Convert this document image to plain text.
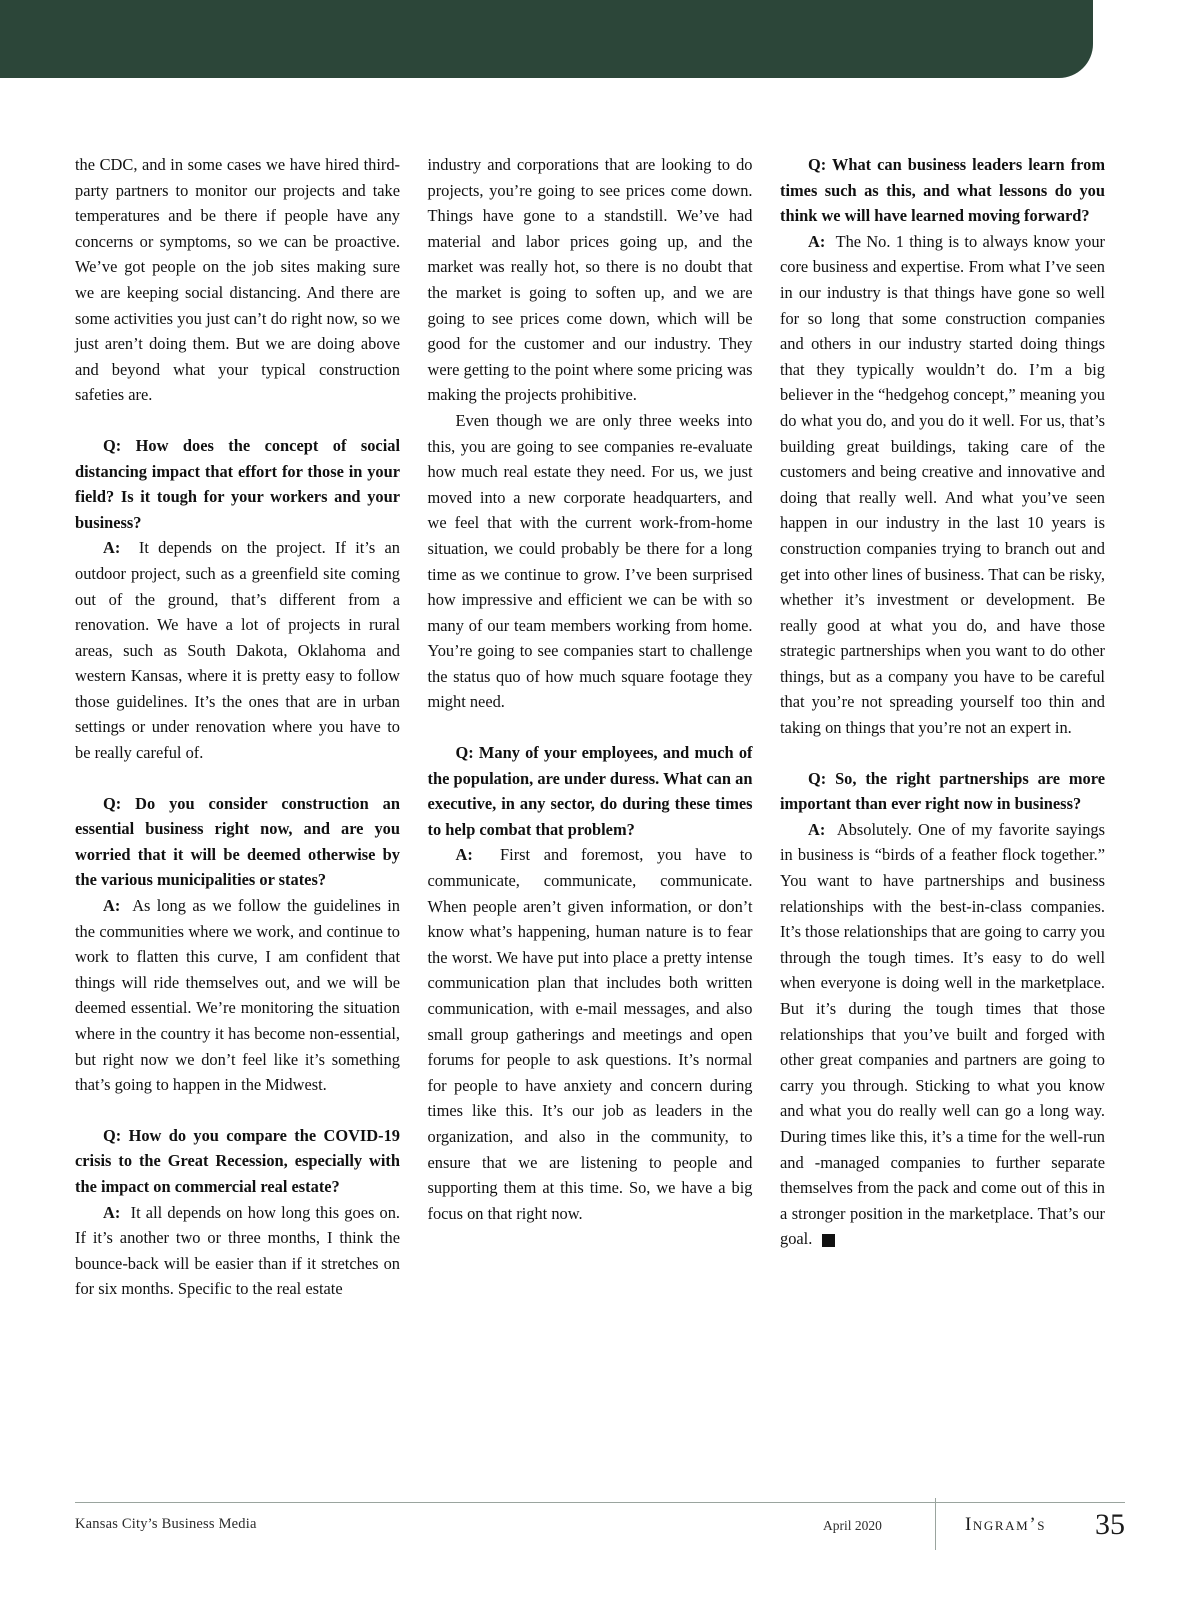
the CDC, and in some cases we have hired third-party partners to monitor our projects and take temperatures and be there if people have any concerns or symptoms, so we can be proactive. We’ve got people on the job sites making sure we are keeping social distancing. And there are some activities you just can’t do right now, so we just aren’t doing them. But we are doing above and beyond what your typical construction safeties are.

Q: How does the concept of social distancing impact that effort for those in your field? Is it tough for your workers and your business?

A: It depends on the project. If it’s an outdoor project, such as a greenfield site coming out of the ground, that’s different from a renovation. We have a lot of projects in rural areas, such as South Dakota, Oklahoma and western Kansas, where it is pretty easy to follow those guidelines. It’s the ones that are in urban settings or under renovation where you have to be really careful of.

Q: Do you consider construction an essential business right now, and are you worried that it will be deemed otherwise by the various municipalities or states?

A: As long as we follow the guidelines in the communities where we work, and continue to work to flatten this curve, I am confident that things will ride themselves out, and we will be deemed essential. We’re monitoring the situation where in the country it has become non-essential, but right now we don’t feel like it’s something that’s going to happen in the Midwest.

Q: How do you compare the COVID-19 crisis to the Great Recession, especially with the impact on commercial real estate?

A: It all depends on how long this goes on. If it’s another two or three months, I think the bounce-back will be easier than if it stretches on for six months. Specific to the real estate

industry and corporations that are looking to do projects, you’re going to see prices come down. Things have gone to a standstill. We’ve had material and labor prices going up, and the market was really hot, so there is no doubt that the market is going to soften up, and we are going to see prices come down, which will be good for the customer and our industry. They were getting to the point where some pricing was making the projects prohibitive.

Even though we are only three weeks into this, you are going to see companies re-evaluate how much real estate they need. For us, we just moved into a new corporate headquarters, and we feel that with the current work-from-home situation, we could probably be there for a long time as we continue to grow. I’ve been surprised how impressive and efficient we can be with so many of our team members working from home. You’re going to see companies start to challenge the status quo of how much square footage they might need.

Q: Many of your employees, and much of the population, are under duress. What can an executive, in any sector, do during these times to help combat that problem?

A: First and foremost, you have to communicate, communicate, communicate. When people aren’t given information, or don’t know what’s happening, human nature is to fear the worst. We have put into place a pretty intense communication plan that includes both written communication, with e-mail messages, and also small group gatherings and meetings and open forums for people to ask questions. It’s normal for people to have anxiety and concern during times like this. It’s our job as leaders in the organization, and also in the community, to ensure that we are listening to people and supporting them at this time. So, we have a big focus on that right now.

Q: What can business leaders learn from times such as this, and what lessons do you think we will have learned moving forward?

A: The No. 1 thing is to always know your core business and expertise. From what I’ve seen in our industry is that things have gone so well for so long that some construction companies and others in our industry started doing things that they typically wouldn’t do. I’m a big believer in the “hedgehog concept,” meaning you do what you do, and you do it well. For us, that’s building great buildings, taking care of the customers and being creative and innovative and doing that really well. And what you’ve seen happen in our industry in the last 10 years is construction companies trying to branch out and get into other lines of business. That can be risky, whether it’s investment or development. Be really good at what you do, and have those strategic partnerships when you want to do other things, but as a company you have to be careful that you’re not spreading yourself too thin and taking on things that you’re not an expert in.

Q: So, the right partnerships are more important than ever right now in business?

A: Absolutely. One of my favorite sayings in business is “birds of a feather flock together.” You want to have partnerships and business relationships with the best-in-class companies. It’s those relationships that are going to carry you through the tough times. It’s easy to do well when everyone is doing well in the marketplace. But it’s during the tough times that those relationships that you’ve built and forged with other great companies and partners are going to carry you through. Sticking to what you know and what you do really well can go a long way. During times like this, it’s a time for the well-run and -managed companies to further separate themselves from the pack and come out of this in a stronger position in the marketplace. That’s our goal.	I

Kansas City’s Business Media	April 2020	Ingram’s 35
